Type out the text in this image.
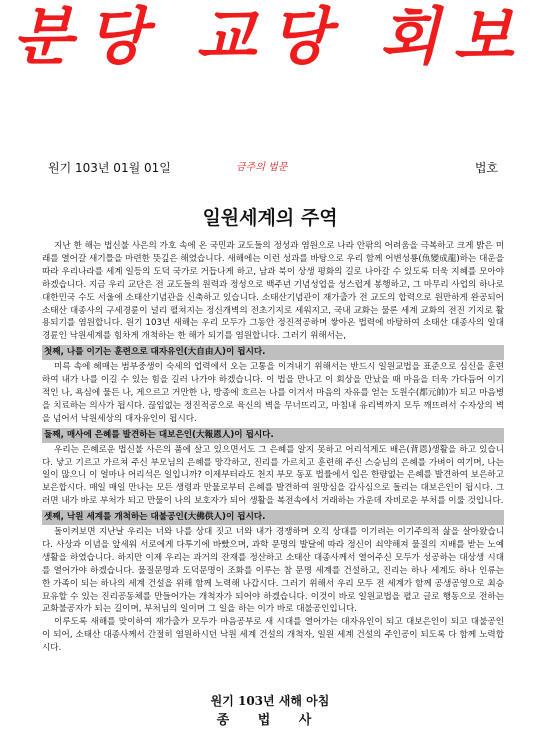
분당 교당 회보
원기 103년 01월 01일	금주의 법문	법호
일원세계의 주역

지난 한 해는 법신불 사은의 가호 속에 온 국민과 교도들의 정성과 염원으로 나라 안팎의 어려움을 극복하고 크게 밝은 미래를 열어갈 새기틀을 마련한 뜻깊은 해였습니다. 새해에는 이런 성과를 바탕으로 우리 함께 어변성룡(魚變成龍)하는 대운을 따라 우리나라를 세계 일등의 도덕 국가로 거듭나게 하고, 남과 북이 상생 평화의 길로 나아갈 수 있도록 더욱 지혜를 모아야 하겠습니다. 지금 우리 교단은 전 교도들의 원력과 정성으로 백주년 기념성업을 성스럽게 봉행하고, 그 마무리 사업의 하나로 대한민국 수도 서울에 소태산기념관을 신축하고 있습니다. 소태산기념관이 재가출가 전 교도의 합력으로 원만하게 완공되어 소태산 대종사의 구세경륜이 널리 펼쳐지는 정신개벽의 전초기지로 세워지고, 국내 교화는 물론 세계 교화의 전진 기지로 활용되기를 염원합니다. 원기 103년 새해는 우리 모두가 그동안 정진적공하며 쌓아온 법력에 바탕하여 소태산 대종사의 일대 경륜인 낙원세계를 힘차게 개척하는 한 해가 되기를 염원합니다. 그러기 위해서는,

첫째, 나를 이기는 훈련으로 대자유인(大自由人)이 됩시다.

미륵 속에 헤매는 범부중생이 숙세의 업력에서 오는 고통을 이겨내기 위해서는 반드시 일원교법을 표준으로 심신을 훈련하여 내가 나를 이길 수 있는 힘을 길러 나가야 하겠습니다. 이 법을 만나고 이 회상을 만났을 때 마음을 더욱 가다듬어 이기적인 나, 욕심에 물든 나, 게으르고 거만한 나, 방종에 흐르는 나를 이겨서 마음의 자유를 얻는 도원수(都元帥)가 되고 마음병을 치료하는 의사가 됩시다. 끊임없는 정진적공으로 육신의 벽을 무너뜨리고, 마침내 유리벽까지 모두 깨뜨려서 수자상의 벽을 넘어서 낙원세상의 대자유인이 됩시다.

둘째, 매사에 은혜를 발견하는 대보은인(大報恩人)이 됩시다.

우리는 은혜로운 법신불 사은의 품에 살고 있으면서도 그 은혜를 알지 못하고 어리석게도 배은(背恩)생활을 하고 있습니다. 낳고 기르고 가르쳐 주신 부모님의 은혜를 망각하고, 진리를 가르치고 훈련해 주신 스승님의 은혜를 가벼이 여기며, 나는 일이 많으니 이 얼마나 어리석은 일입니까? 이제부터라도 천지 부모 동포 법률에서 입은 한량없는 은혜를 발견하여 보은하고 보은합시다. 매일 매일 만나는 모든 생령과 만물로부터 은혜를 발견하여 원망심을 감사심으로 돌리는 대보은인이 됩시다. 그러면 내가 바로 부처가 되고 만물이 나의 보호자가 되어 생활을 복전속에서 거래하는 가운데 자비로운 부처를 이룰 것입니다.

셋째, 낙원 세계를 개척하는 대불공인(大佛供人)이 됩시다.

돌이켜보면 지난날 우리는 너와 나를 상대 짓고 너와 내가 경쟁하며 오직 상대를 이기려는 이기주의적 삶을 살아왔습니다. 사상과 이념을 앞세워 서로에게 다투기에 바빴으며, 과학 문명의 발달에 따라 정신이 쇠약해져 물질의 지배를 받는 노예 생활을 하였습니다. 하지만 이제 우리는 과거의 잔재를 정산하고 소태산 대종사께서 열어주신 모두가 성공하는 대상생 시대를 열어가야 하겠습니다. 물질문명과 도덕문명이 조화를 이루는 참 문명 세계를 건설하고, 진리는 하나 세계도 하나 인류는 한 가족이 되는 하나의 세계 건설을 위해 함께 노력해 나갑시다. 그러기 위해서 우리 모두 전 세계가 함께 공생공영으로 최승묘유할 수 있는 진리공동체를 만들어가는 개척자가 되어야 하겠습니다. 이것이 바로 일원교법을 펼고 글로 행동으로 전하는 교화불공자가 되는 길이며, 부처님의 일이며 그 일을 하는 이가 바로 대불공인입니다.

이루도록 새해를 맞이하여 재가출가 모두가 마음공부로 새 시대를 열어가는 대자유인이 되고 대보은인이 되고 대불공인이 되어, 소태산 대종사께서 간절히 염원하시던 낙원 세계 건설의 개척자, 일원 세계 건설의 주인공이 되도록 다 함께 노력합시다.

원기 103년 새해 아침
종 법 사
